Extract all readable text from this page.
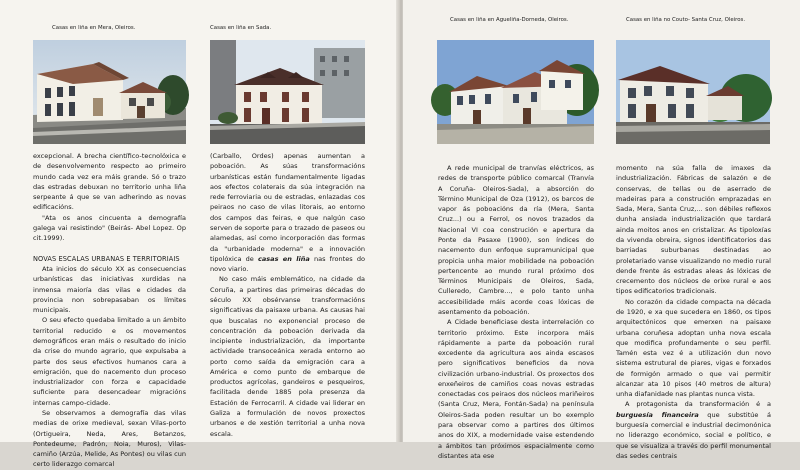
Casas en liña en Mera, Oleiros.	Casas en liña en Sada.

excepcional. A brecha científico-tecnolóxica e de desenvolvemento respecto ao primeiro mundo cada vez era máis grande. Só o trazo das estradas debuxan no territorio unha liña serpeante á que se van adherindo as novas edificacións.

"Ata os anos cincuenta a demografía galega vai resistindo" (Beirás- Abel Lopez. Op cit.1999).

NOVAS ESCALAS URBANAS E TERRITORIAIS

Ata inicios do século XX as consecuencias urbanísticas das iniciativas xurdidas na inmensa maioría das vilas e cidades da provincia non sobrepasaban os límites municipais.

O seu efecto quedaba limitado a un ámbito territorial reducido e os movementos demográficos eran máis o resultado do inicio da crise do mundo agrario, que expulsaba a parte dos seus efectivos humanos cara a emigración, que do nacemento dun proceso industrializador con forza e capacidade suficiente para desencadear migracións internas campo-cidade.

Se observamos a demografía das vilas medias de orixe medieval, sexan Vilas-porto (Ortigueira, Neda, Ares, Betanzos, Pontedeume, Padrón, Noia, Muros), Vilas-camiño (Arzúa, Melide, As Pontes) ou vilas cun certo liderazgo comarcal

(Carballo, Ordes) apenas aumentan a poboación. As súas transformacións urbanísticas están fundamentalmente ligadas aos efectos colaterais da súa integración na rede ferroviaria ou de estradas, enlazadas cos peiraos no caso de vilas litorais, ao entorno dos campos das feiras, e que nalgún caso serven de soporte para o trazado de paseos ou alamedas, así como incorporación das formas da "urbanidade moderna" e a innovación tipolóxica de casas en liña nas frontes do novo viario.

No caso máis emblemático, na cidade da Coruña, a partires das primeiras décadas do século XX obsérvanse transformacións significativas da paisaxe urbana. As causas hai que buscalas no exponencial proceso de concentración da poboación derivada da incipiente industrialización, da importante actividade transoceánica xerada entorno ao porto como saída da emigración cara a América e como punto de embarque de productos agrícolas, gandeiros e pesqueiros, facilitada dende 1885 pola presenza da Estación de Ferrocarril. A cidade vai liderar en Galiza a formulación de novos proxectos urbanos e de xestión territorial a unha nova escala.

Casas en liña en Agueliña-Dorneda, Oleiros.	Casas en liña no Couto- Santa Cruz, Oleiros.

A rede municipal de tranvías eléctricos, as redes de transporte público comarcal (Tranvía A Coruña- Oleiros-Sada), a absorción do Término Municipal de Oza (1912), os barcos de vapor ás poboacións da ría (Mera, Santa Cruz...) ou a Ferrol, os novos trazados da Nacional VI coa construción e apertura da Ponte da Pasaxe (1900), son índices do nacemento dun enfoque supramunicipal que propicia unha maior mobilidade na poboación pertencente ao mundo rural próximo dos Términos Municipais de Oleiros, Sada, Culleredo, Cambre..., e polo tanto unha accesibilidade máis acorde coas lóxicas de asentamento da poboación.

A Cidade beneficiase desta interrelación co territorio próximo. Este incorpora máis rápidamente a parte da poboación rural excedente da agricultura aos ainda escasos pero significativos beneficios da nova civilización urbano-industrial. Os proxectos dos enxeñeiros de camiños coas novas estradas conectadas cos peiraos dos núcleos mariñeiros (Santa Cruz, Mera, Fontán-Sada) na península Oleiros-Sada poden resultar un bo exemplo para observar como a partires dos últimos anos do XIX, a modernidade vaise estendendo a ámbitos tan próximos espacialmente como distantes ata ese

momento na súa falla de imaxes da industrialización. Fábricas de salazón e de conservas, de tellas ou de aserrado de madeiras para a construción emprazadas en Sada, Mera, Santa Cruz,... son débiles reflexos dunha ansiada industrialización que tardará ainda moitos anos en cristalizar. As tipoloxías da vivenda obreira, signos identificatorios das barriadas suburbanas destinadas ao proletariado vanse visualizando no medio rural dende frente ás estradas aleas ás lóxicas de crecemento dos núcleos de orixe rural e aos tipos edificatorios tradicionais.

No corazón da cidade compacta na década de 1920, e xa que sucedera en 1860, os tipos arquitectónicos que emerxen na paisaxe urbana coruñesa adoptan unha nova escala que modifica profundamente o seu perfil. Tamén esta vez é a utilización dun novo sistema estrutural de piares, vigas e forxados de formigón armado o que vai permitir alcanzar ata 10 pisos (40 metros de altura) unha diafanidade nas plantas nunca vista.

A protagonista da transformación é a burguesía financeira que substitúe á burguesía comercial e industrial decimonónica no liderazgo económico, social e político, e que se visualiza a través do perfil monumental das sedes centrais
